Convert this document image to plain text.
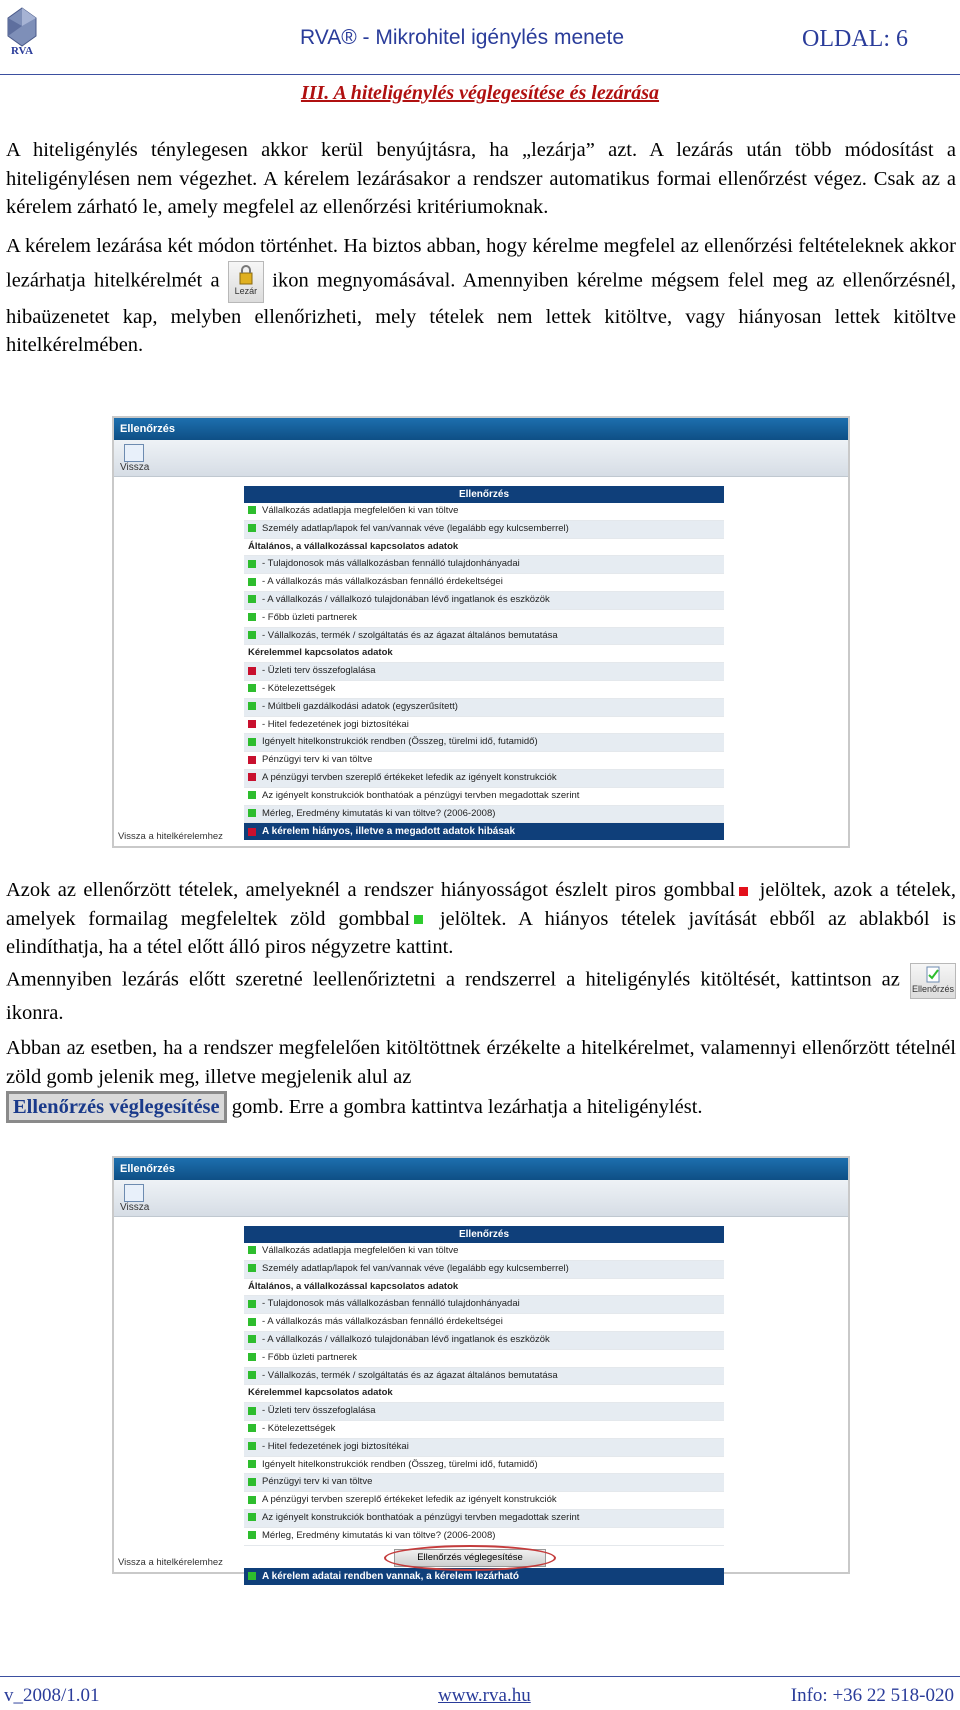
RVA
RVA® - Mikrohitel igénylés menete	OLDAL: 6
III. A hiteligénylés véglegesítése és lezárása

A hiteligénylés ténylegesen akkor kerül benyújtásra, ha „lezárja” azt. A lezárás után több módosítást a hiteligénylésen nem végezhet. A kérelem lezárásakor a rendszer automatikus formai ellenőrzést végez. Csak az a kérelem zárható le, amely megfelel az ellenőrzési kritériumoknak.

A kérelem lezárása két módon történhet. Ha biztos abban, hogy kérelme megfelel az ellenőrzési feltételeknek akkor lezárhatja hitelkérelmét a Lezár ikon megnyomásával. Amennyiben kérelme mégsem felel meg az ellenőrzésnél, hibaüzenetet kap, melyben ellenőrizheti, mely tételek nem lettek kitöltve, vagy hiányosan lettek kitöltve hitelkérelmében.

Ellenőrzés
Vissza
Ellenőrzés
Vállalkozás adatlapja megfelelően ki van töltve
Személy adatlap/lapok fel van/vannak véve (legalább egy kulcsemberrel)
Általános, a vállalkozással kapcsolatos adatok
- Tulajdonosok más vállalkozásban fennálló tulajdonhányadai
- A vállalkozás más vállalkozásban fennálló érdekeltségei
- A vállalkozás / vállalkozó tulajdonában lévő ingatlanok és eszközök
- Főbb üzleti partnerek
- Vállalkozás, termék / szolgáltatás és az ágazat általános bemutatása
Kérelemmel kapcsolatos adatok
- Üzleti terv összefoglalása
- Kötelezettségek
- Múltbeli gazdálkodási adatok (egyszerűsített)
- Hitel fedezetének jogi biztosítékai
Igényelt hitelkonstrukciók rendben (Összeg, türelmi idő, futamidő)
Pénzügyi terv ki van töltve
A pénzügyi tervben szereplő értékeket lefedik az igényelt konstrukciók
Az igényelt konstrukciók bonthatóak a pénzügyi tervben megadottak szerint
Mérleg, Eredmény kimutatás ki van töltve? (2006-2008)
A kérelem hiányos, illetve a megadott adatok hibásak
Vissza a hitelkérelemhez

Azok az ellenőrzött tételek, amelyeknél a rendszer hiányosságot észlelt piros gombbal jelöltek, azok a tételek, amelyek formailag megfeleltek zöld gombbal jelöltek. A hiányos tételek javítását ebből az ablakból is elindíthatja, ha a tétel előtt álló piros négyzetre kattint.

Amennyiben lezárás előtt szeretné leellenőriztetni a rendszerrel a hiteligénylés kitöltését, kattintson az Ellenőrzés ikonra.

Abban az esetben, ha a rendszer megfelelően kitöltöttnek érzékelte a hitelkérelmet, valamennyi ellenőrzött tételnél zöld gomb jelenik meg, illetve megjelenik alul az
Ellenőrzés véglegesítése gomb. Erre a gombra kattintva lezárhatja a hiteligénylést.

Ellenőrzés
Vissza
Ellenőrzés
Vállalkozás adatlapja megfelelően ki van töltve
Személy adatlap/lapok fel van/vannak véve (legalább egy kulcsemberrel)
Általános, a vállalkozással kapcsolatos adatok
- Tulajdonosok más vállalkozásban fennálló tulajdonhányadai
- A vállalkozás más vállalkozásban fennálló érdekeltségei
- A vállalkozás / vállalkozó tulajdonában lévő ingatlanok és eszközök
- Főbb üzleti partnerek
- Vállalkozás, termék / szolgáltatás és az ágazat általános bemutatása
Kérelemmel kapcsolatos adatok
- Üzleti terv összefoglalása
- Kötelezettségek
- Hitel fedezetének jogi biztosítékai
Igényelt hitelkonstrukciók rendben (Összeg, türelmi idő, futamidő)
Pénzügyi terv ki van töltve
A pénzügyi tervben szereplő értékeket lefedik az igényelt konstrukciók
Az igényelt konstrukciók bonthatóak a pénzügyi tervben megadottak szerint
Mérleg, Eredmény kimutatás ki van töltve? (2006-2008)
Ellenőrzés véglegesítése
A kérelem adatai rendben vannak, a kérelem lezárható
Vissza a hitelkérelemhez
v_2008/1.01	www.rva.hu	Info: +36 22 518-020
